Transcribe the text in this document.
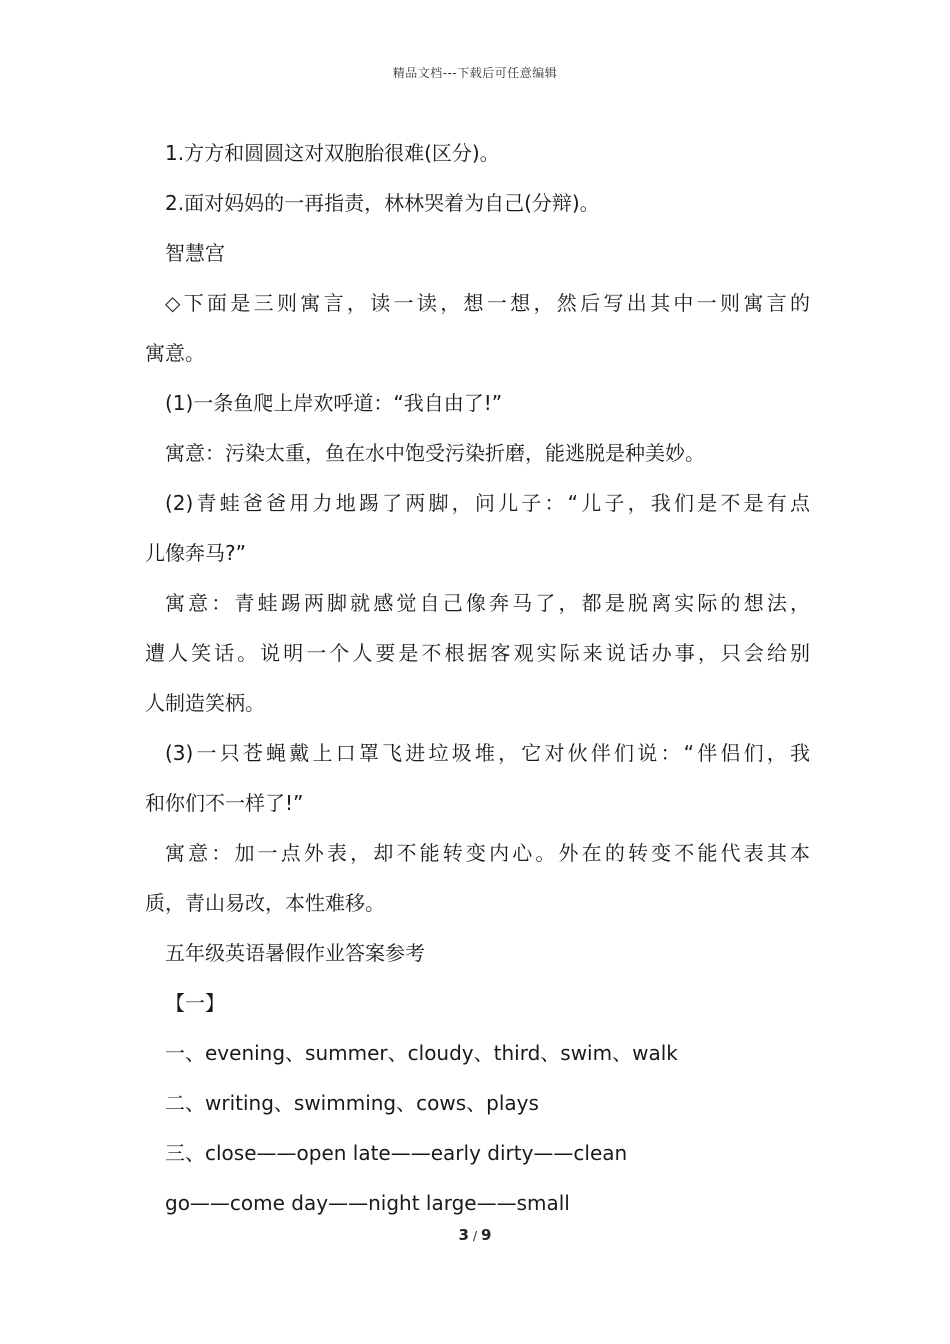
精品文档---下载后可任意编辑
1.方方和圆圆这对双胞胎很难(区分)。
2.面对妈妈的一再指责，林林哭着为自己(分辩)。
智慧宫
◇下面是三则寓言，读一读，想一想，然后写出其中一则寓言的
寓意。
(1)一条鱼爬上岸欢呼道：“我自由了!”
寓意：污染太重，鱼在水中饱受污染折磨，能逃脱是种美妙。
(2)青蛙爸爸用力地踢了两脚，问儿子：“儿子，我们是不是有点
儿像奔马?”
寓意：青蛙踢两脚就感觉自己像奔马了，都是脱离实际的想法，
遭人笑话。说明一个人要是不根据客观实际来说话办事，只会给别
人制造笑柄。
(3)一只苍蝇戴上口罩飞进垃圾堆，它对伙伴们说：“伴侣们，我
和你们不一样了!”
寓意：加一点外表，却不能转变内心。外在的转变不能代表其本
质，青山易改，本性难移。
五年级英语暑假作业答案参考
【一】
一、evening、summer、cloudy、third、swim、walk
二、writing、swimming、cows、plays
三、close——open late——early dirty——clean
go——come day——night large——small
3 / 9
